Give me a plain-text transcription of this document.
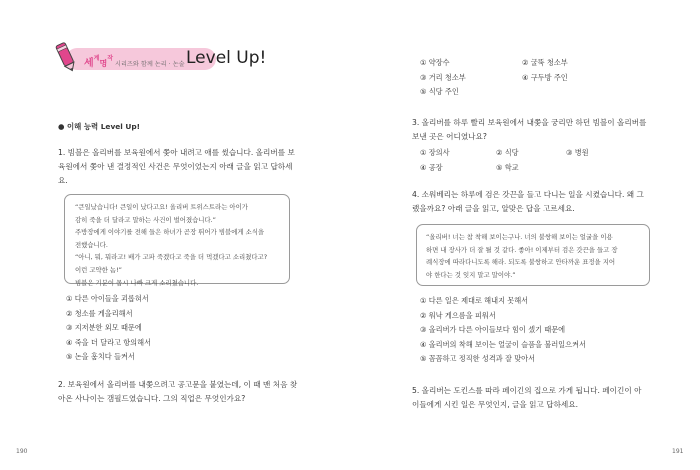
세$^계$명$^작$ 시리즈와 함께 논리 · 논술 Level Up!
● 이해 능력 Level Up!
1. 빔블은 올리버를 보육원에서 쫓아 내려고 애를 썼습니다. 올리버를 보육원에서 쫓아 낸 결정적인 사건은 무엇이었는지 아래 글을 읽고 답하세요.

“큰일났습니다! 큰일이 났다고요! 올리버 트위스트라는 아이가

감히 죽을 더 달라고 말하는 사건이 벌어졌습니다.”

주방장에게 이야기를 전해 들은 하녀가 곧장 뛰어가 빔블에게 소식을

전했습니다.

“아니, 뭐, 뭐라고! 배가 고파 죽겠다고 죽을 더 먹겠다고 소리쳤다고?

이런 고약한 놈!”

빔블은 기분이 몹시 나빠 크게 소리쳤습니다.

① 다른 아이들을 괴롭혀서
② 청소를 게을리해서
③ 지저분한 외모 때문에
④ 죽을 더 달라고 항의해서
⑤ 논을 훔치다 들켜서
2. 보육원에서 올리버를 내쫓으려고 공고문을 붙였는데, 이 때 맨 처음 찾아온 사나이는 갬필드였습니다. 그의 직업은 무엇인가요?
190
① 약장수	② 굴뚝 청소부
③ 거리 청소부	④ 구두방 주인
⑤ 식당 주인
3. 올리버를 하루 빨리 보육원에서 내쫓을 궁리만 하던 빔블이 올리버를 보낸 곳은 어디였나요?
① 장의사	② 식당	③ 병원
④ 공장	⑤ 학교
4. 소워베리는 하루에 검은 갓끈을 들고 다니는 일을 시켰습니다. 왜 그랬을까요? 아래 글을 읽고, 알맞은 답을 고르세요.

“올리버! 너는 참 착해 보이는구나. 너의 불쌍해 보이는 얼굴을 이용

하면 내 장사가 더 잘 될 것 같다. 좋아! 이제부터 검은 갓끈을 들고 장

례식장에 따라다니도록 해라. 되도록 불쌍하고 안타까운 표정을 지어

야 한다는 것 잊지 말고 말이야.”

① 다른 일은 제대로 해내지 못해서
② 워낙 게으름을 피워서
③ 올리버가 다른 아이들보다 힘이 셌기 때문에
④ 올리버의 착해 보이는 얼굴이 슬픔을 불러일으켜서
⑤ 꼼꼼하고 정직한 성격과 잘 맞아서
5. 올리버는 도킨스를 따라 페이긴의 집으로 가게 됩니다. 페이긴이 아이들에게 시킨 일은 무엇인지, 글을 읽고 답하세요.
191
